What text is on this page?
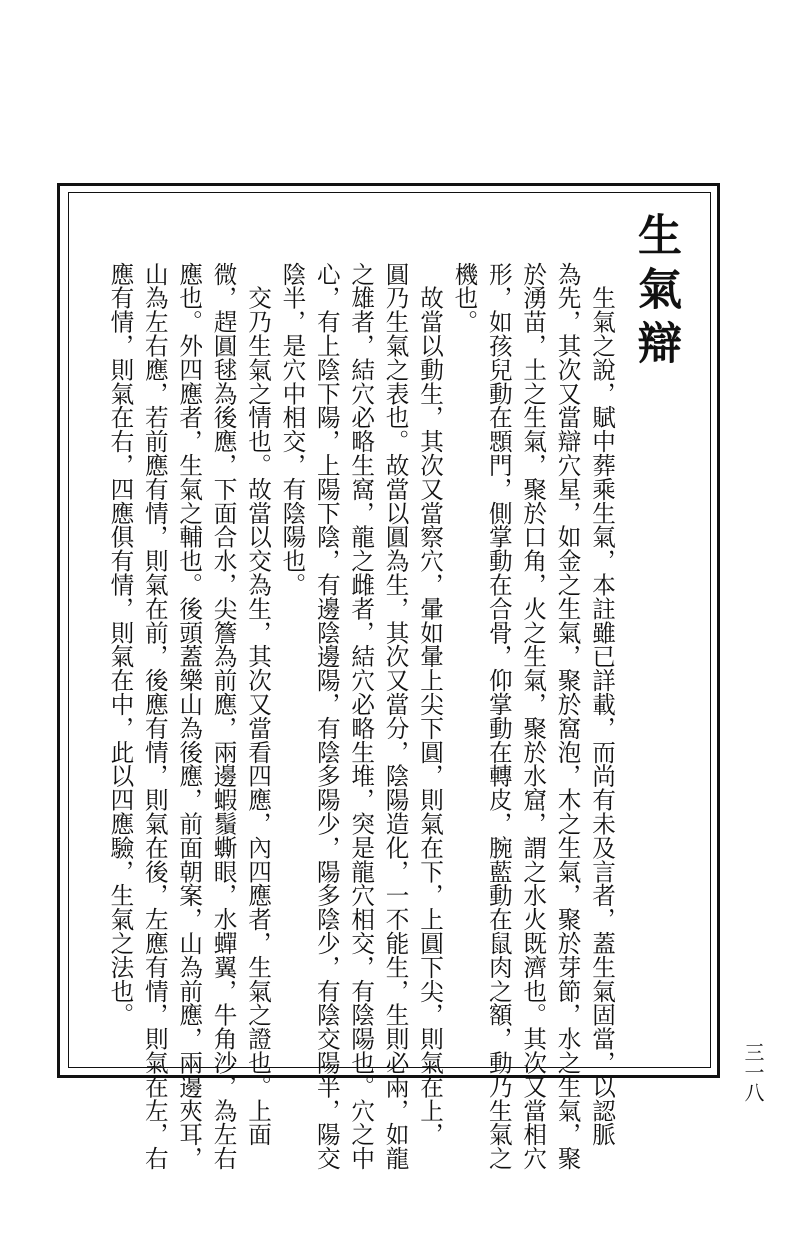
生氣辯
　生氣之說，賦中葬乘生氣，本註雖已詳載，而尚有未及言者，蓋生氣固當，以認脈
為先，其次又當辯穴星，如金之生氣，聚於窩泡，木之生氣，聚於芽節，水之生氣，聚
於湧苗，土之生氣，聚於口角，火之生氣，聚於水窟，謂之水火既濟也。其次又當相穴
形，如孩兒動在顋門，側掌動在合骨，仰掌動在轉皮，腕藍動在鼠肉之額，動乃生氣之
機也。
　故當以動生，其次又當察穴，暈如暈上尖下圓，則氣在下，上圓下尖，則氣在上，
圓乃生氣之表也。故當以圓為生，其次又當分，陰陽造化，一不能生，生則必兩，如龍
之雄者，結穴必略生窩，龍之雌者，結穴必略生堆，突是龍穴相交，有陰陽也。穴之中
心，有上陰下陽，上陽下陰，有邊陰邊陽，有陰多陽少，陽多陰少，有陰交陽半，陽交
陰半，是穴中相交，有陰陽也。
　交乃生氣之情也。故當以交為生，其次又當看四應，內四應者，生氣之證也。上面
微，趕圓毬為後應，下面合水，尖簷為前應，兩邊蝦鬚蟖眼，水蟬翼，牛角沙，為左右
應也。外四應者，生氣之輔也。後頭蓋樂山為後應，前面朝案，山為前應，兩邊夾耳，
山為左右應，若前應有情，則氣在前，後應有情，則氣在後，左應有情，則氣在左，右
應有情，則氣在右，四應俱有情，則氣在中，此以四應驗，生氣之法也。
三一八
